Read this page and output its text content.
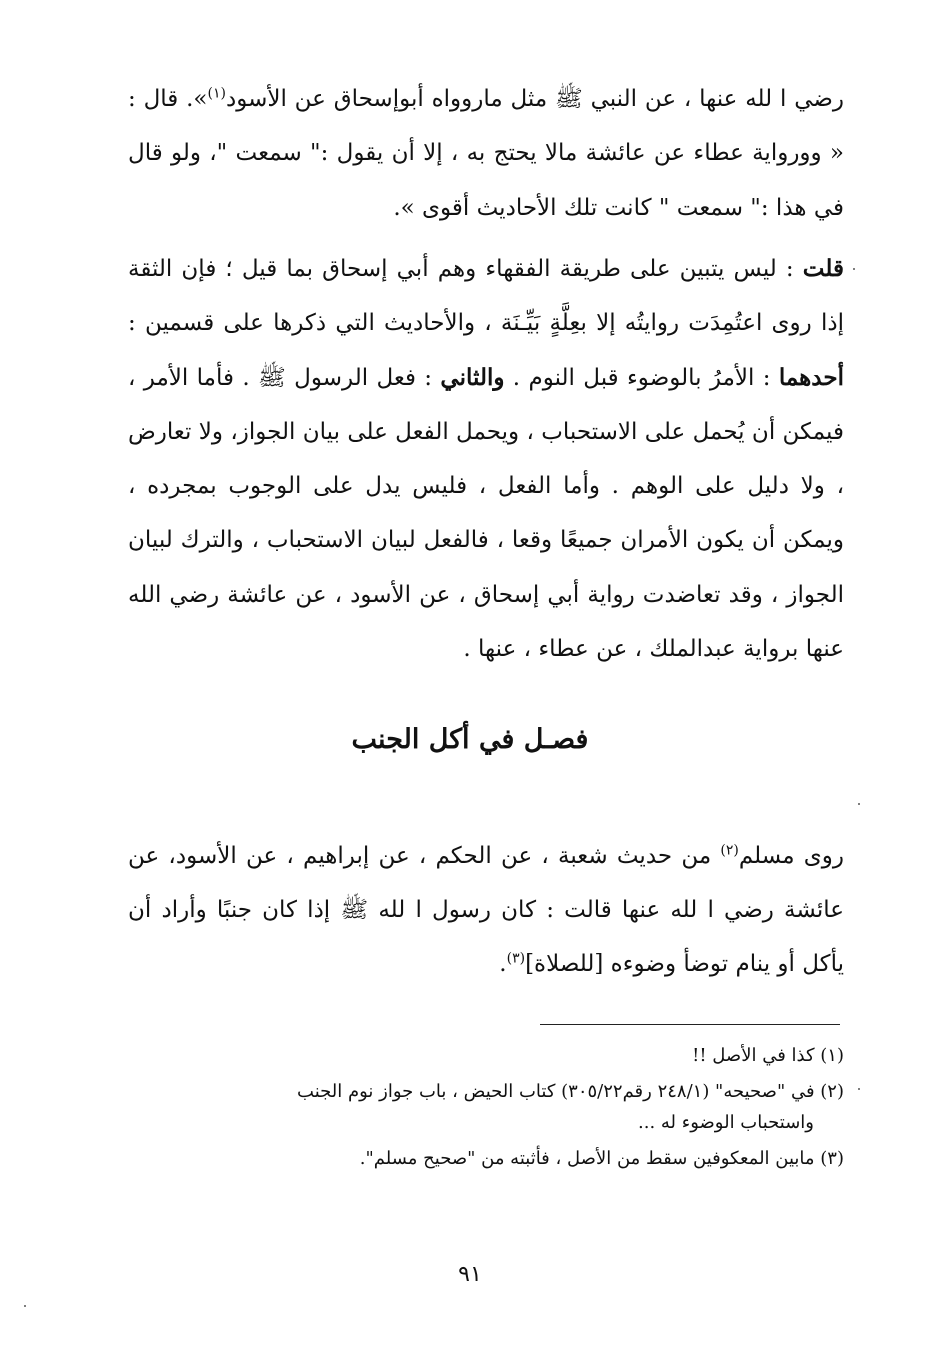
رضي ا لله عنها ، عن النبي ﷺ مثل ماروواه أبوإسحاق عن الأسود$^{(١)}$». قال : « وورواية عطاء عن عائشة مالا يحتج به ، إلا أن يقول :" سمعت "، ولو قال في هذا :" سمعت " كانت تلك الأحاديث أقوى ».

قلت : ليس يتبين على طريقة الفقهاء وهم أبي إسحاق بما قيل ؛ فإن الثقة إذا روى اعتُمِدَت روايتُه إلا بعِلَّةٍ بَيِّـنَة ، والأحاديث التي ذكرها على قسمين : أحدهما : الأمرُ بالوضوء قبل النوم . والثاني : فعل الرسول ﷺ . فأما الأمر ، فيمكن أن يُحمل على الاستحباب ، ويحمل الفعل على بيان الجواز، ولا تعارض ، ولا دليل على الوهم . وأما الفعل ، فليس يدل على الوجوب بمجرده ، ويمكن أن يكون الأمران جميعًا وقعا ، فالفعل لبيان الاستحباب ، والترك لبيان الجواز ، وقد تعاضدت رواية أبي إسحاق ، عن الأسود ، عن عائشة رضي الله عنها برواية عبدالملك ، عن عطاء ، عنها .

فصـل في أكل الجنب

روى مسلم$^{(٢)}$ من حديث شعبة ، عن الحكم ، عن إبراهيم ، عن الأسود، عن عائشة رضي ا لله عنها قالت : كان رسول ا لله ﷺ إذا كان جنبًا وأراد أن يأكل أو ينام توضأ وضوءه [للصلاة]$^{(٣)}$.

(١) كذا في الأصل !!
(٢) في "صحيحه" (٢٤٨/١ رقم٣٠٥/٢٢) كتاب الحيض ، باب جواز نوم الجنب
واستحباب الوضوء له ...
(٣) مابين المعكوفين سقط من الأصل ، فأثبته من "صحيح مسلم".
٩١
